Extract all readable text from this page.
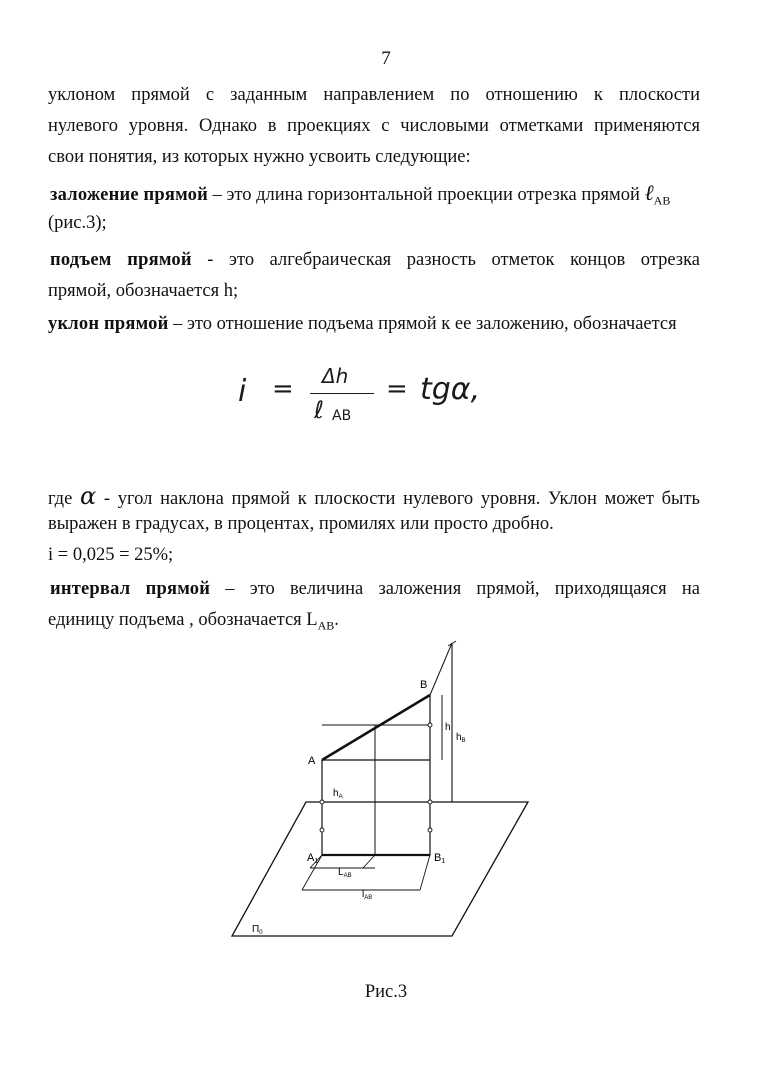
7
уклоном прямой с заданным направлением по отношению к плоскости
нулевого уровня. Однако в проекциях с числовыми отметками применяются
свои понятия, из которых нужно усвоить следующие:
заложение прямой – это длина горизонтальной проекции отрезка прямой ℓ$_{AB}$
(рис.3);
подъем прямой - это алгебраическая разность отметок концов отрезка
прямой, обозначается h;
уклон прямой – это отношение подъема прямой к ее заложению, обозначается
i = Δh
ℓ AB
= tgα,
где α - угол наклона прямой к плоскости нулевого уровня. Уклон может быть
выражен в градусах, в процентах, промилях или просто дробно.
i = 0,025 = 25%;
интервал прямой – это величина заложения прямой, приходящаяся на
единицу подъема , обозначается $L_{AB}$.
A
B
A1	B1
h
$h_A$
$h_B$
$L_{AB}$
$l_{AB}$
$П_0$
Рис.3
